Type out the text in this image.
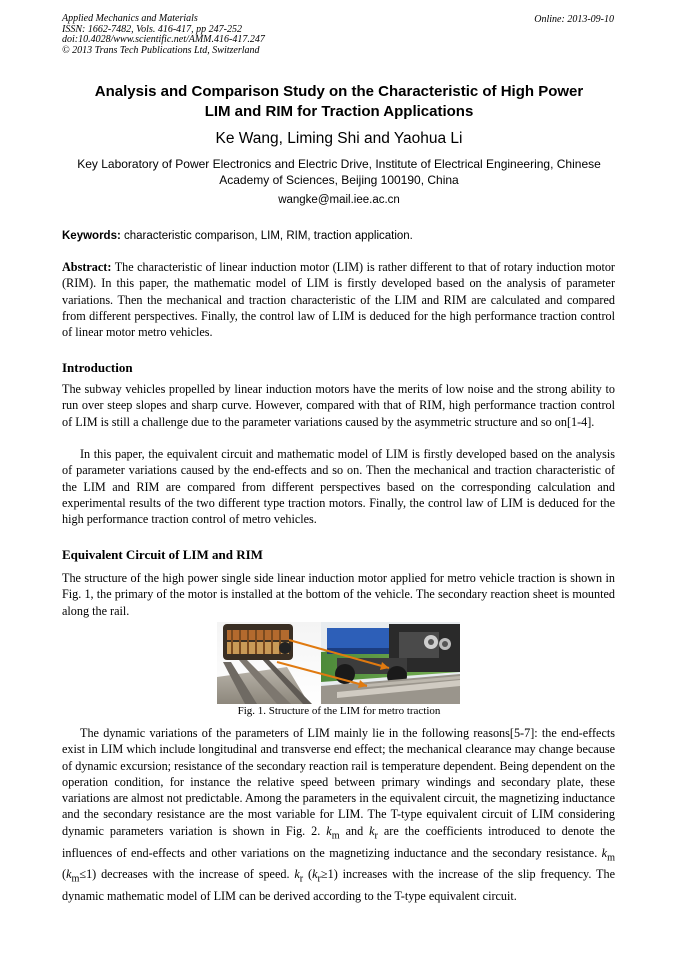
Applied Mechanics and Materials
ISSN: 1662-7482, Vols. 416-417, pp 247-252
doi:10.4028/www.scientific.net/AMM.416-417.247
© 2013 Trans Tech Publications Ltd, Switzerland
Online: 2013-09-10
Analysis and Comparison Study on the Characteristic of High Power
LIM and RIM for Traction Applications
Ke Wang, Liming Shi and Yaohua Li
Key Laboratory of Power Electronics and Electric Drive, Institute of Electrical Engineering, Chinese
Academy of Sciences, Beijing 100190, China
wangke@mail.iee.ac.cn
Keywords: characteristic comparison, LIM, RIM, traction application.
Abstract: The characteristic of linear induction motor (LIM) is rather different to that of rotary induction motor (RIM). In this paper, the mathematic model of LIM is firstly developed based on the analysis of parameter variations. Then the mechanical and traction characteristic of the LIM and RIM are calculated and compared from different perspectives. Finally, the control law of LIM is deduced for the high performance traction control of linear motor metro vehicles.
Introduction
The subway vehicles propelled by linear induction motors have the merits of low noise and the strong ability to run over steep slopes and sharp curve. However, compared with that of RIM, high performance traction control of LIM is still a challenge due to the parameter variations caused by the asymmetric structure and so on[1-4].
In this paper, the equivalent circuit and mathematic model of LIM is firstly developed based on the analysis of parameter variations caused by the end-effects and so on. Then the mechanical and traction characteristic of the LIM and RIM are compared from different perspectives based on the corresponding calculation and experimental results of the two different type traction motors. Finally, the control law of LIM is deduced for the high performance traction control of metro vehicles.
Equivalent Circuit of LIM and RIM
The structure of the high power single side linear induction motor applied for metro vehicle traction is shown in Fig. 1, the primary of the motor is installed at the bottom of the vehicle. The secondary reaction sheet is mounted along the rail.
Fig. 1. Structure of the LIM for metro traction
The dynamic variations of the parameters of LIM mainly lie in the following reasons[5-7]: the end-effects exist in LIM which include longitudinal and transverse end effect; the mechanical clearance may change because of dynamic excursion; resistance of the secondary reaction rail is temperature dependent. Being dependent on the operation condition, for instance the relative speed between primary windings and secondary plate, these variations are almost not predictable. Among the parameters in the equivalent circuit, the magnetizing inductance and the secondary resistance are the most variable for LIM. The T-type equivalent circuit of LIM considering dynamic parameters variation is shown in Fig. 2. $k_m$ and $k_r$ are the coefficients introduced to denote the influences of end-effects and other variations on the magnetizing inductance and the secondary resistance. $k_m$ $(k_m\le 1)$ decreases with the increase of speed. $k_r$ $(k_r\ge 1)$ increases with the increase of the slip frequency. The dynamic mathematic model of LIM can be derived according to the T-type equivalent circuit.
